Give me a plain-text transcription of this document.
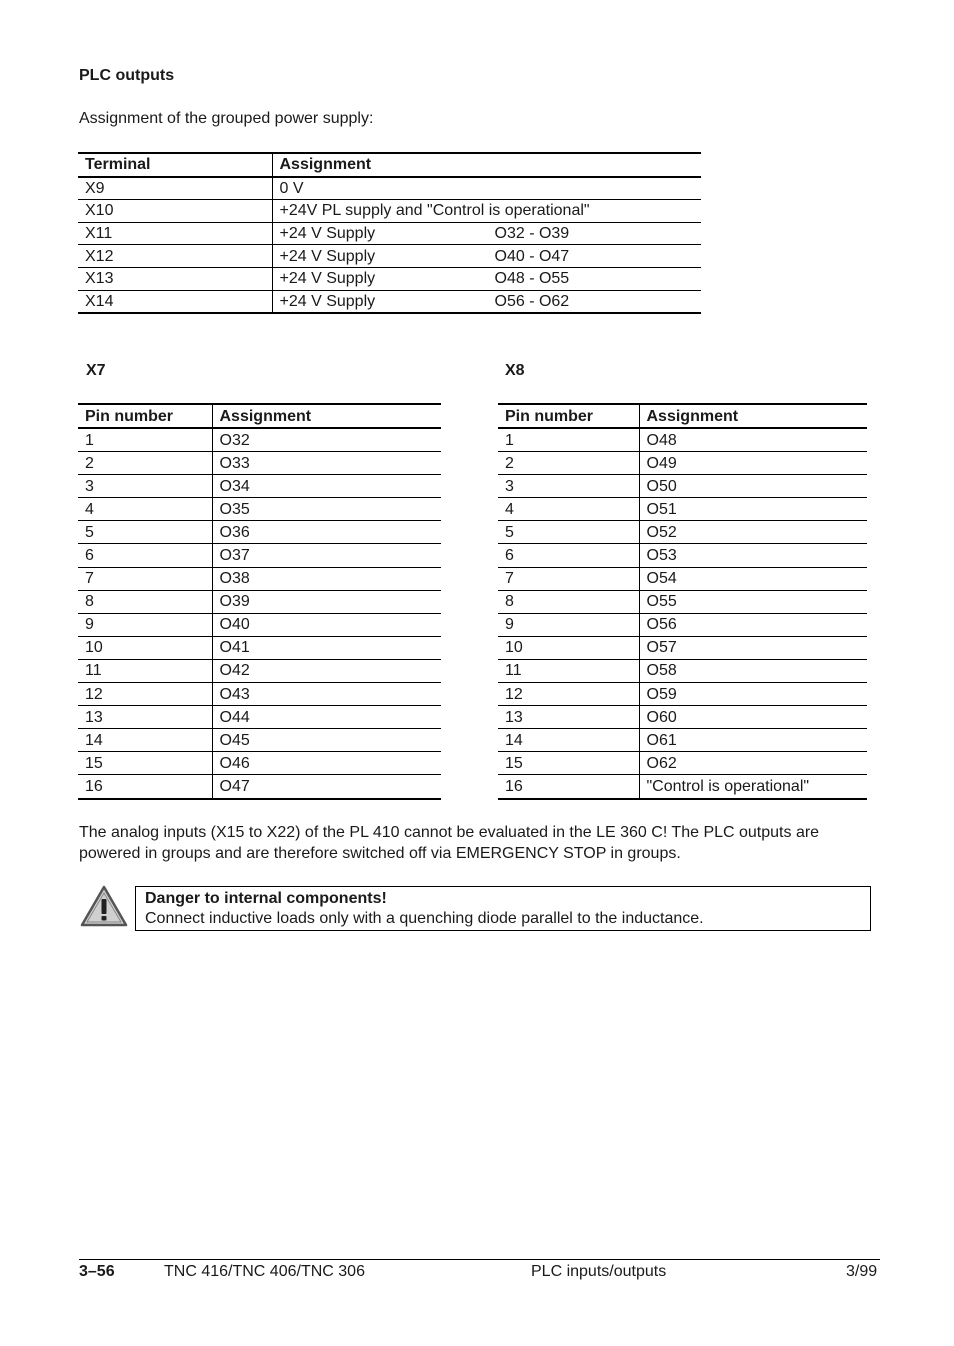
PLC outputs
Assignment of the grouped power supply:
Terminal	Assignment
X9	0 V
X10	+24V PL supply and "Control is operational"
X11	+24 V Supply O32 - O39
X12	+24 V Supply O40 - O47
X13	+24 V Supply O48 - O55
X14	+24 V Supply O56 - O62
X7	X8
Pin number	Assignment
1	O32
2	O33
3	O34
4	O35
5	O36
6	O37
7	O38
8	O39
9	O40
10	O41
11	O42
12	O43
13	O44
14	O45
15	O46
16	O47
Pin number	Assignment
1	O48
2	O49
3	O50
4	O51
5	O52
6	O53
7	O54
8	O55
9	O56
10	O57
11	O58
12	O59
13	O60
14	O61
15	O62
16	"Control is operational"
The analog inputs (X15 to X22) of the PL 410 cannot be evaluated in the LE 360 C! The PLC outputs are powered in groups and are therefore switched off via EMERGENCY STOP in groups.
Danger to internal components!
Connect inductive loads only with a quenching diode parallel to the inductance.
3–56	TNC 416/TNC 406/TNC 306	PLC inputs/outputs	3/99
